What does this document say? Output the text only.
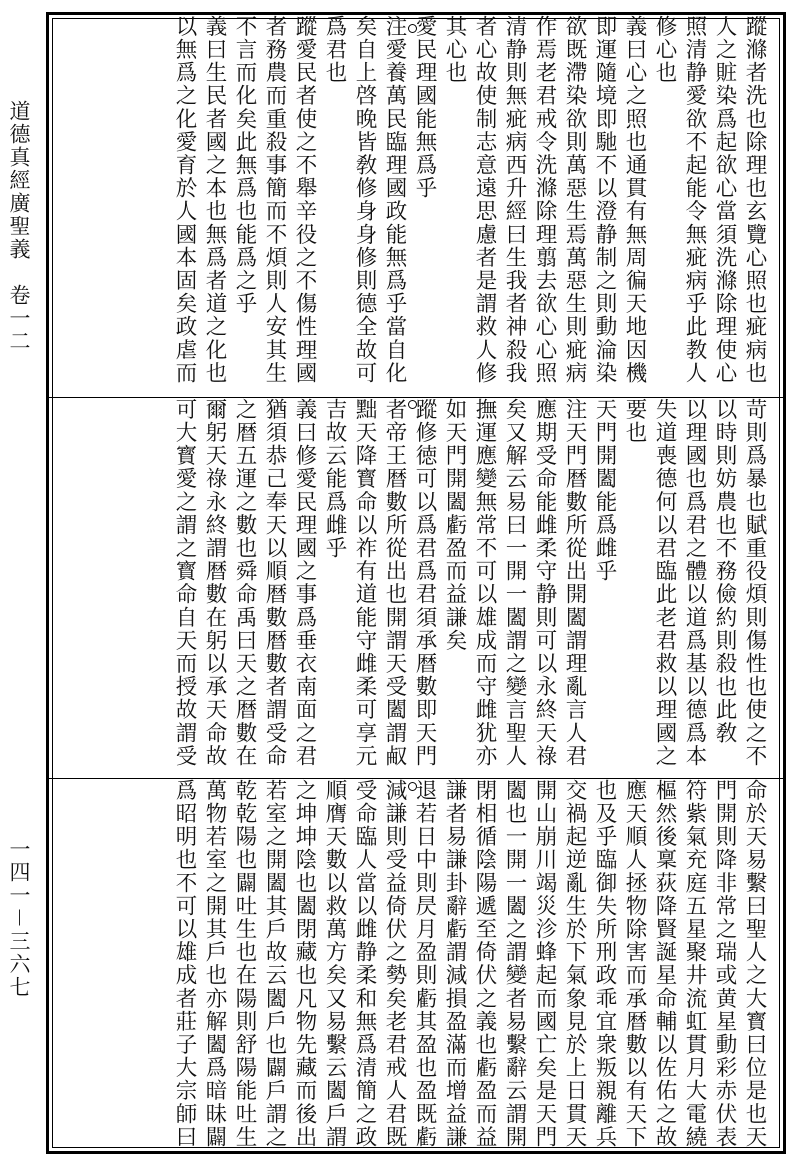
道德真經廣聖義　卷一二
一四一－三六七
蹤滌者洗也除理也玄覽心照也疵病也
人之賍染爲起欲心當須洗滌除理使心
照清静愛欲不起能令無疵病乎此教人
修心也
義曰心之照也通貫有無周徧天地因機
即運隨境即馳不以澄静制之則動淪染
欲既滯染欲則萬惡生焉萬惡生則疵病
作焉老君戒令洗滌除理翦去欲心心照
清静則無疵病西升經曰生我者神殺我
者心故使制志意遠思慮者是謂救人修
其心也
愛民理國能無爲乎
注愛養萬民臨理國政能無爲乎當自化
矣自上啓晚皆敎修身身修則德全故可
爲君也
蹤愛民者使之不舉辛役之不傷性理國
者務農而重殺事簡而不煩則人安其生
不言而化矣此無爲也能爲之乎
義曰生民者國之本也無爲者道之化也
以無爲之化愛育於人國本固矣政虐而
苛則爲暴也賦重役煩則傷性也使之不
以時則妨農也不務儉約則殺也此敎
以理國也爲君之體以道爲基以德爲本
失道喪德何以君臨此老君救以理國之
要也
天門開闔能爲雌乎
注天門暦數所從出開闔謂理亂言人君
應期受命能雌柔守静則可以永終天祿
矣又解云易曰一開一闔謂之變言聖人
撫運應變無常不可以雄成而守雌犹亦
如天門開闔虧盈而益謙矣
蹤修徳可以爲君爲君須承暦數即天門
者帝王暦數所從出也開謂天受闔謂㕟
黜天降寳命以祚有道能守雌柔可享元
吉故云能爲雌乎
義曰修愛民理國之事爲垂衣南面之君
猶須恭己奉天以順暦數暦數者謂受命
之暦五運之數也舜命禹曰天之暦數在
爾躬天祿永終謂暦數在躬以承天命故
可大寳愛之謂之寳命自天而授故謂受
命於天易繫曰聖人之大寳曰位是也天
門開則降非常之瑞或黄星動彩赤伏表
符紫氣充庭五星聚井流虹貫月大電繞
樞然後稟荻降賢誕星命輔以佐佑之故
應天順人拯物除害而承暦數以有天下
也及乎臨御失所刑政乖宜衆叛親離兵
交禍起逆亂生於下氣象見於上日貫天
開山崩川竭災沴蜂起而國亡矣是天門
闔也一開一闔之謂變者易繫辭云謂開
閉相循陰陽遞至倚伏之義也虧盈而益
謙者易謙卦辭虧謂減損盈滿而增益謙
退若日中則昃月盈則虧其盈也盈既虧
減謙則受益倚伏之勢矣老君戒人君既
受命臨人當以雌静柔和無爲清簡之政
順膺天數以救萬方矣又易繫云闔戶謂
之坤坤陰也闔閉藏也凡物先藏而後出
若室之開闔其戶故云闔戶也闢戶謂之
乾乾陽也闢吐生也在陽則舒陽能吐生
萬物若室之開其戶也亦解闔爲暗昧闢
爲昭明也不可以雄成者莊子大宗師曰
